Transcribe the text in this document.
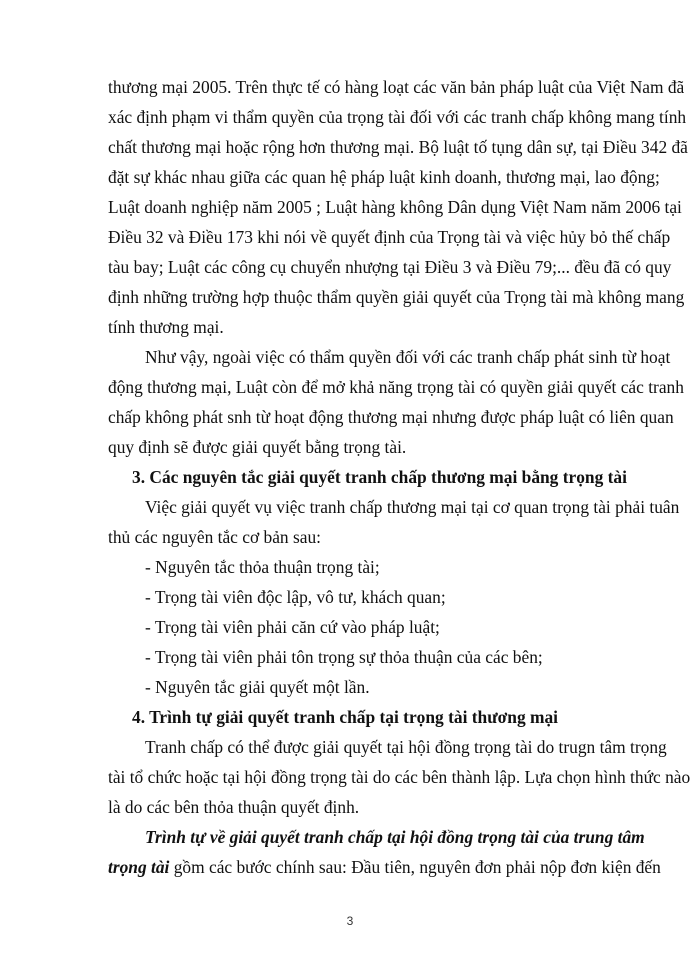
thương mại 2005. Trên thực tế có hàng loạt các văn bản pháp luật của Việt Nam đã
xác định phạm vi thẩm quyền của trọng tài đối với các tranh chấp không mang tính
chất thương mại hoặc rộng hơn thương mại. Bộ luật tố tụng dân sự, tại Điều 342 đã
đặt sự khác nhau giữa các quan hệ pháp luật kinh doanh, thương mại, lao động;
Luật doanh nghiệp năm 2005 ; Luật hàng không Dân dụng Việt Nam năm 2006 tại
Điều 32 và Điều 173 khi nói về quyết định của Trọng tài và việc hủy bỏ thế chấp
tàu bay; Luật các công cụ chuyển nhượng tại Điều 3 và Điều 79;... đều đã có quy
định những trường hợp thuộc thẩm quyền giải quyết của Trọng tài mà không mang
tính thương mại.
Như vậy, ngoài việc có thẩm quyền đối với các tranh chấp phát sinh từ hoạt
động thương mại, Luật còn để mở khả năng trọng tài có quyền giải quyết các tranh
chấp không phát snh từ hoạt động thương mại nhưng được pháp luật có liên quan
quy định sẽ được giải quyết bằng trọng tài.
3. Các nguyên tắc giải quyết tranh chấp thương mại bằng trọng tài
Việc giải quyết vụ việc tranh chấp thương mại tại cơ quan trọng tài phải tuân
thủ các nguyên tắc cơ bản sau:
- Nguyên tắc thỏa thuận trọng tài;
- Trọng tài viên độc lập, vô tư, khách quan;
- Trọng tài viên phải căn cứ vào pháp luật;
- Trọng tài viên phải tôn trọng sự thỏa thuận của các bên;
- Nguyên tắc giải quyết một lần.
4. Trình tự giải quyết tranh chấp tại trọng tài thương mại
Tranh chấp có thể được giải quyết tại hội đồng trọng tài do trugn tâm trọng
tài tổ chức hoặc tại hội đồng trọng tài do các bên thành lập. Lựa chọn hình thức nào
là do các bên thỏa thuận quyết định.
Trình tự về giải quyết tranh chấp tại hội đồng trọng tài của trung tâm
trọng tài gồm các bước chính sau: Đầu tiên, nguyên đơn phải nộp đơn kiện đến
3
